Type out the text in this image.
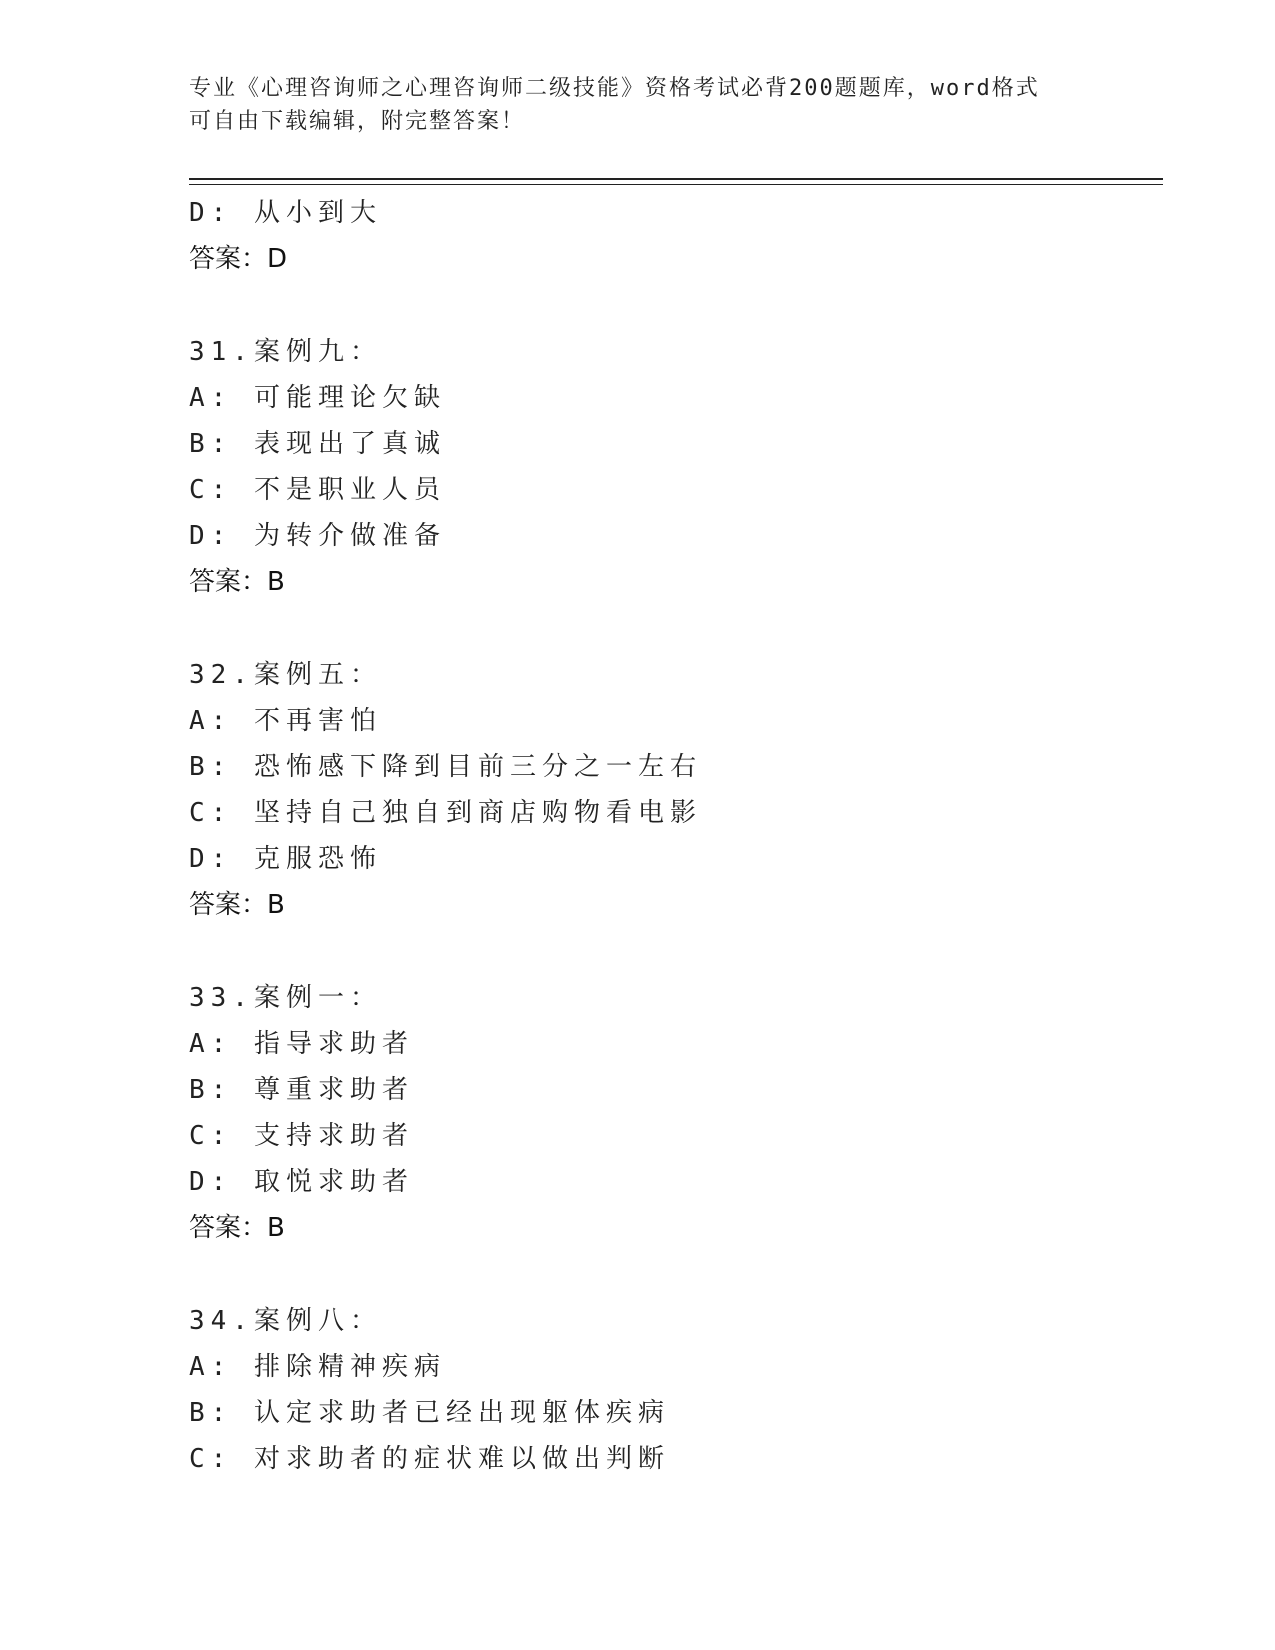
专业《心理咨询师之心理咨询师二级技能》资格考试必背200题题库，word格式
可自由下载编辑，附完整答案！
D: 从小到大
答案：D
31.案例九：
A: 可能理论欠缺
B: 表现出了真诚
C: 不是职业人员
D: 为转介做准备
答案：B
32.案例五：
A: 不再害怕
B: 恐怖感下降到目前三分之一左右
C: 坚持自己独自到商店购物看电影
D: 克服恐怖
答案：B
33.案例一：
A: 指导求助者
B: 尊重求助者
C: 支持求助者
D: 取悦求助者
答案：B
34.案例八：
A: 排除精神疾病
B: 认定求助者已经出现躯体疾病
C: 对求助者的症状难以做出判断
